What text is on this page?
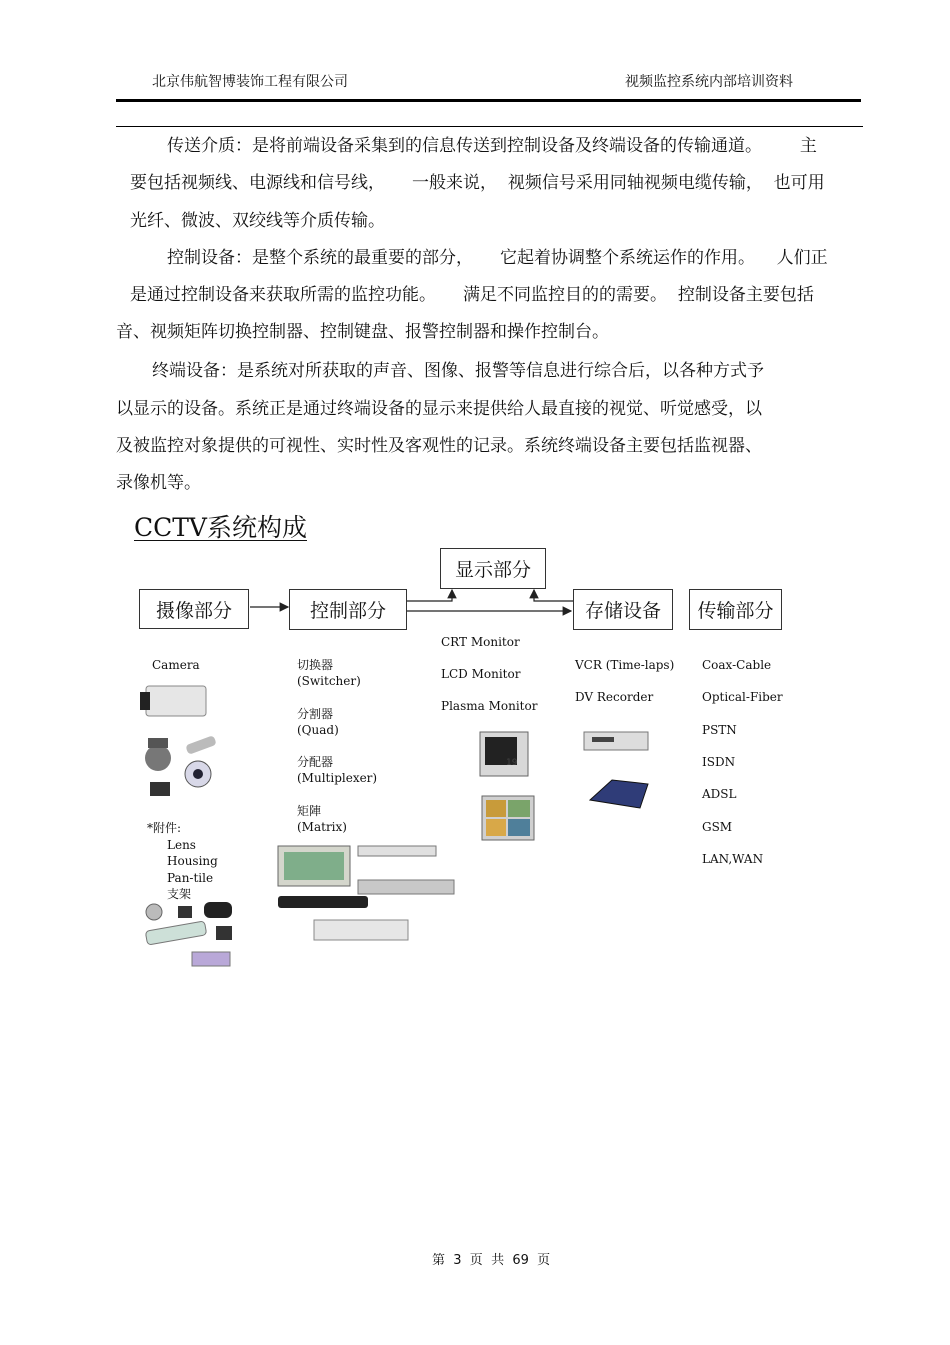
北京伟航智博装饰工程有限公司	视频监控系统内部培训资料
传送介质：是将前端设备采集到的信息传送到控制设备及终端设备的传输通道。       主
要包括视频线、电源线和信号线，     一般来说，  视频信号采用同轴视频电缆传输，  也可用
光纤、微波、双绞线等介质传输。
控制设备：是整个系统的最重要的部分，     它起着协调整个系统运作的作用。    人们正
是通过控制设备来获取所需的监控功能。     满足不同监控目的的需要。  控制设备主要包括
音、视频矩阵切换控制器、控制键盘、报警控制器和操作控制台。
终端设备：是系统对所获取的声音、图像、报警等信息进行综合后，以各种方式予
以显示的设备。系统正是通过终端设备的显示来提供给人最直接的视觉、听觉感受，以
及被监控对象提供的可视性、实时性及客观性的记录。系统终端设备主要包括监视器、
录像机等。
CCTV系统构成
摄像部分	控制部分
显示部分
存储设备	传输部分
Camera
*附件:
Lens
Housing
Pan-tile
支架
切换器
(Switcher)
分割器
(Quad)
分配器
(Multiplexer)
矩陣
(Matrix)
CRT Monitor
LCD Monitor
Plasma Monitor
19
VCR (Time-laps)
DV Recorder
Coax-Cable
Optical-Fiber
PSTN
ISDN
ADSL
GSM
LAN,WAN
第  3  页  共  69  页
